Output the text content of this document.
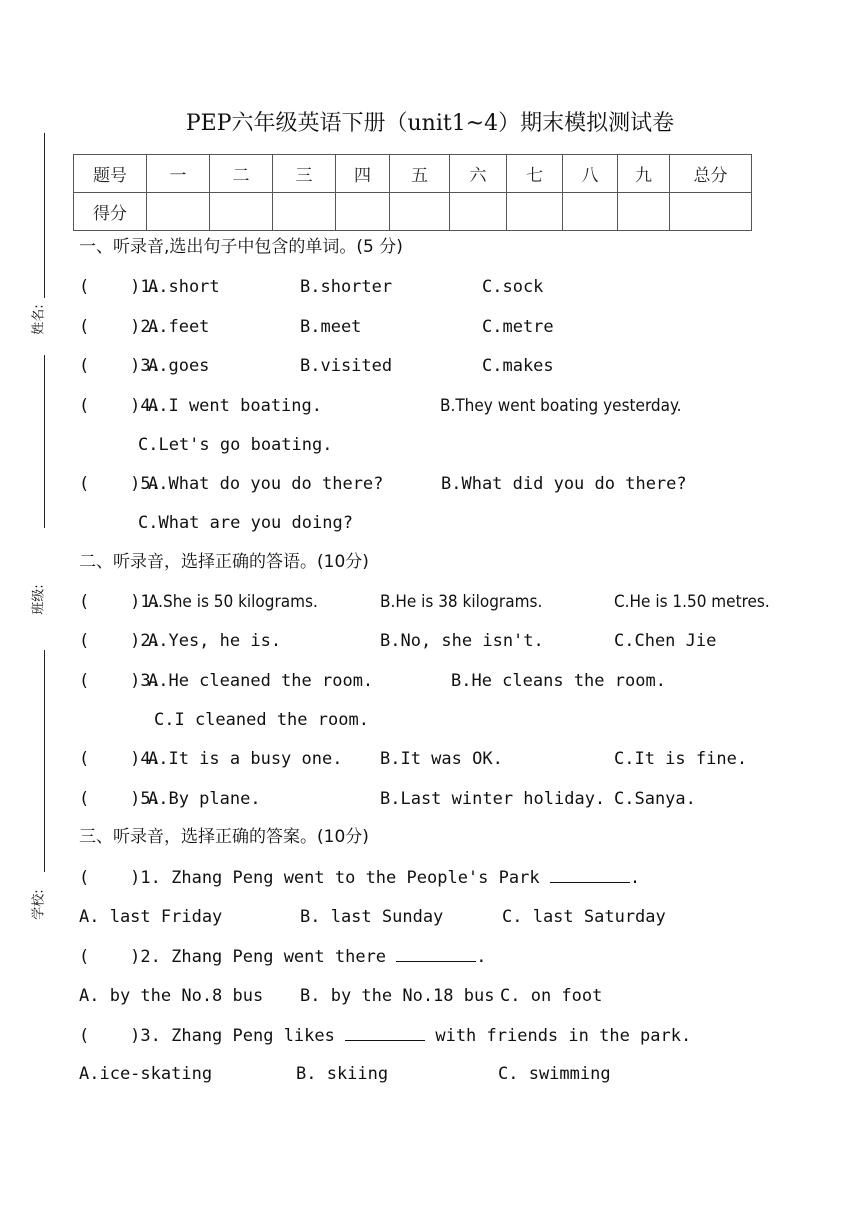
姓名:
班级:
学校:
PEP六年级英语下册（unit1~4）期末模拟测试卷
题号	一	二	三	四	五	六	七	八	九	总分
得分										
一、听录音,选出句子中包含的单词。(5 分)
(    )1.
A.short	B.shorter	C.sock
(    )2.
A.feet	B.meet	C.metre
(    )3.
A.goes	B.visited	C.makes
(    )4.
A.I went boating.	B.They went boating yesterday.
C.Let's go boating.
(    )5.
A.What do you do there?	B.What did you do there?
C.What are you doing?
二、听录音，选择正确的答语。(10分)
(    )1.
A.She is 50 kilograms.	B.He is 38 kilograms.	C.He is 1.50 metres.
(    )2.
A.Yes, he is.	B.No, she isn't.	C.Chen Jie
(    )3.
A.He cleaned the room.	B.He cleans the room.
C.I cleaned the room.
(    )4.
A.It is a busy one. B.It was OK.	C.It is fine.
(    )5.
A.By plane.	B.Last winter holiday. C.Sanya.
三、听录音，选择正确的答案。(10分)
(    )1. Zhang Peng went to the People's Park	.
A. last Friday	B. last Sunday	C. last Saturday
(    )2. Zhang Peng went there	.
A. by the No.8 bus B. by the No.18 bus C. on foot
(    )3. Zhang Peng likes	with friends in the park.
A.ice-skating	B. skiing	C. swimming
